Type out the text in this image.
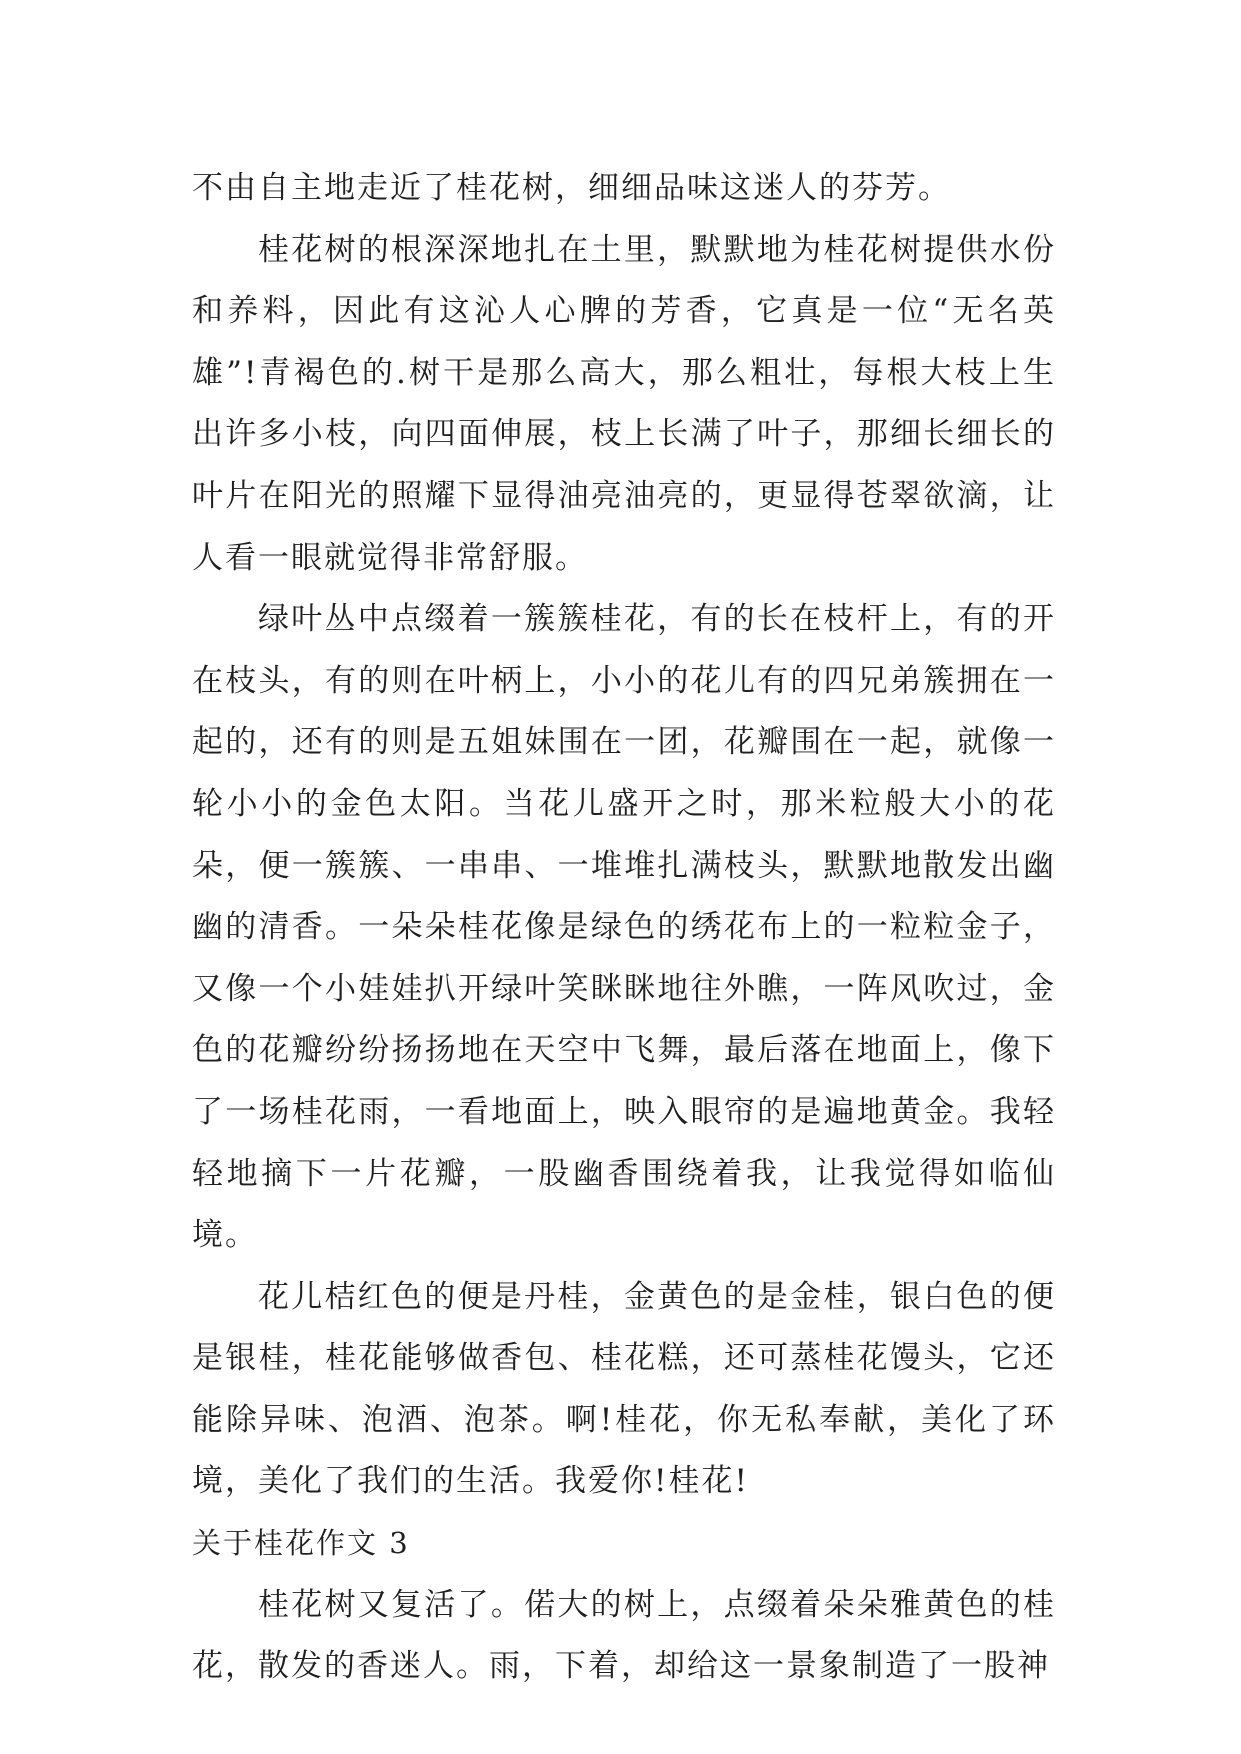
不由自主地走近了桂花树，细细品味这迷人的芬芳。

桂花树的根深深地扎在土里，默默地为桂花树提供水份和养料，因此有这沁人心脾的芳香，它真是一位“无名英雄”!青褐色的.树干是那么高大，那么粗壮，每根大枝上生出许多小枝，向四面伸展，枝上长满了叶子，那细长细长的叶片在阳光的照耀下显得油亮油亮的，更显得苍翠欲滴，让人看一眼就觉得非常舒服。

绿叶丛中点缀着一簇簇桂花，有的长在枝杆上，有的开在枝头，有的则在叶柄上，小小的花儿有的四兄弟簇拥在一起的，还有的则是五姐妹围在一团，花瓣围在一起，就像一轮小小的金色太阳。当花儿盛开之时，那米粒般大小的花朵，便一簇簇、一串串、一堆堆扎满枝头，默默地散发出幽幽的清香。一朵朵桂花像是绿色的绣花布上的一粒粒金子，又像一个小娃娃扒开绿叶笑眯眯地往外瞧，一阵风吹过，金色的花瓣纷纷扬扬地在天空中飞舞，最后落在地面上，像下了一场桂花雨，一看地面上，映入眼帘的是遍地黄金。我轻轻地摘下一片花瓣，一股幽香围绕着我，让我觉得如临仙境。

花儿桔红色的便是丹桂，金黄色的是金桂，银白色的便是银桂，桂花能够做香包、桂花糕，还可蒸桂花馒头，它还能除异味、泡酒、泡茶。啊!桂花，你无私奉献，美化了环境，美化了我们的生活。我爱你!桂花!

关于桂花作文 3

桂花树又复活了。偌大的树上，点缀着朵朵雅黄色的桂花，散发的香迷人。雨，下着，却给这一景象制造了一股神
